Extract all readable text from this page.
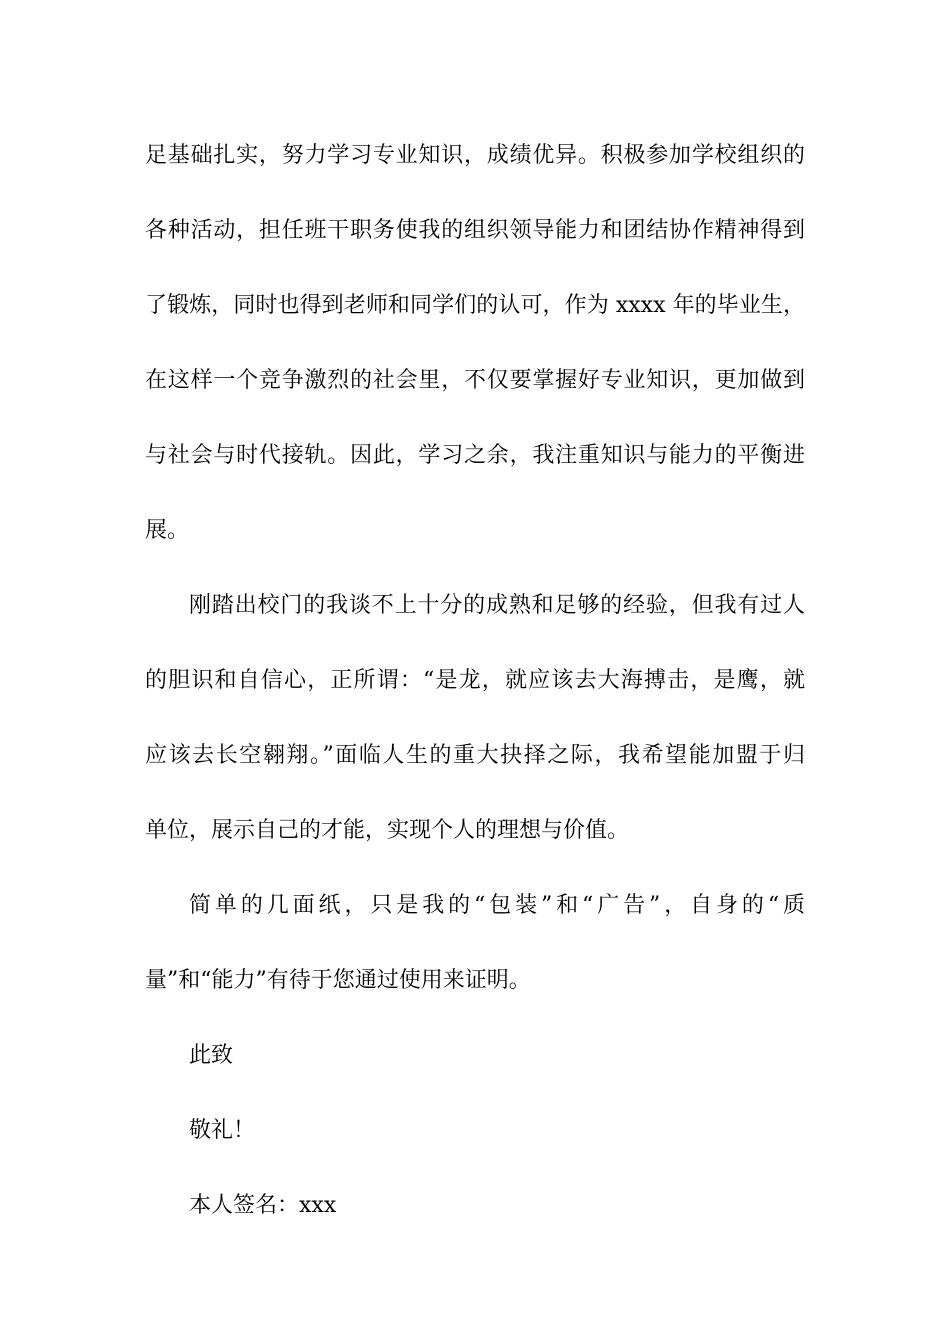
足基础扎实，努力学习专业知识，成绩优异。积极参加学校组织的
各种活动，担任班干职务使我的组织领导能力和团结协作精神得到
了锻炼，同时也得到老师和同学们的认可，作为 xxxx 年的毕业生，
在这样一个竞争激烈的社会里，不仅要掌握好专业知识，更加做到
与社会与时代接轨。因此，学习之余，我注重知识与能力的平衡进
展。
刚踏出校门的我谈不上十分的成熟和足够的经验，但我有过人
的胆识和自信心，正所谓：“是龙，就应该去大海搏击，是鹰，就
应该去长空翱翔。”面临人生的重大抉择之际，我希望能加盟于归
单位，展示自己的才能，实现个人的理想与价值。
简单的几面纸，只是我的“包装”和“广告”，自身的“质
量”和“能力”有待于您通过使用来证明。
此致
敬礼！
本人签名：xxx
